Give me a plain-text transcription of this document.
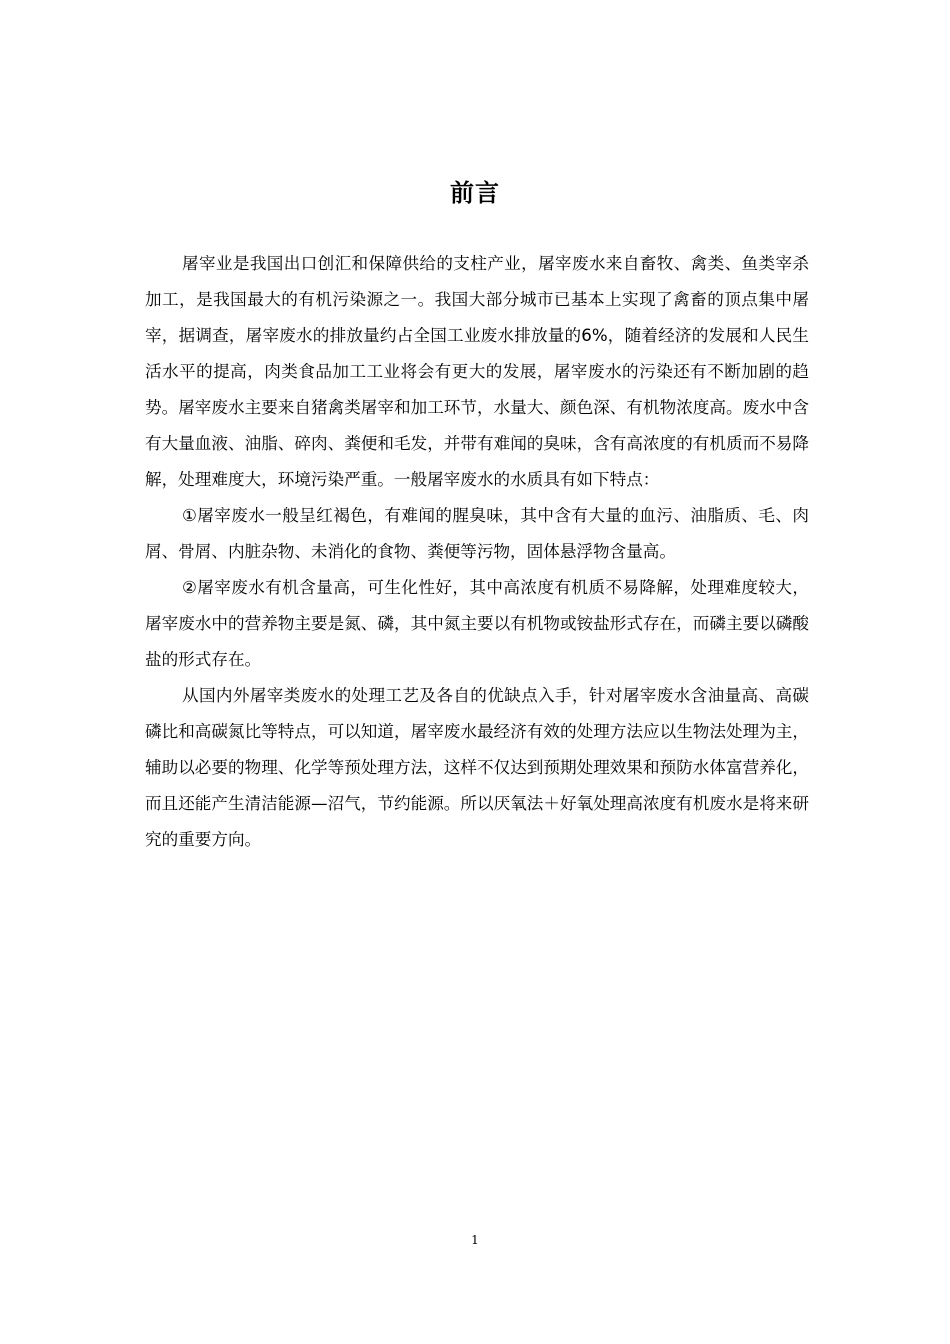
前言

屠宰业是我国出口创汇和保障供给的支柱产业，屠宰废水来自畜牧、禽类、鱼类宰杀加工，是我国最大的有机污染源之一。我国大部分城市已基本上实现了禽畜的顶点集中屠宰，据调查，屠宰废水的排放量约占全国工业废水排放量的6%，随着经济的发展和人民生活水平的提高，肉类食品加工工业将会有更大的发展，屠宰废水的污染还有不断加剧的趋势。屠宰废水主要来自猪禽类屠宰和加工环节，水量大、颜色深、有机物浓度高。废水中含有大量血液、油脂、碎肉、粪便和毛发，并带有难闻的臭味，含有高浓度的有机质而不易降解，处理难度大，环境污染严重。一般屠宰废水的水质具有如下特点：

①屠宰废水一般呈红褐色，有难闻的腥臭味，其中含有大量的血污、油脂质、毛、肉屑、骨屑、内脏杂物、未消化的食物、粪便等污物，固体悬浮物含量高。

②屠宰废水有机含量高，可生化性好，其中高浓度有机质不易降解，处理难度较大，屠宰废水中的营养物主要是氮、磷，其中氮主要以有机物或铵盐形式存在，而磷主要以磷酸盐的形式存在。

从国内外屠宰类废水的处理工艺及各自的优缺点入手，针对屠宰废水含油量高、高碳磷比和高碳氮比等特点，可以知道，屠宰废水最经济有效的处理方法应以生物法处理为主，辅助以必要的物理、化学等预处理方法，这样不仅达到预期处理效果和预防水体富营养化，而且还能产生清洁能源—沼气，节约能源。所以厌氧法＋好氧处理高浓度有机废水是将来研究的重要方向。

1
